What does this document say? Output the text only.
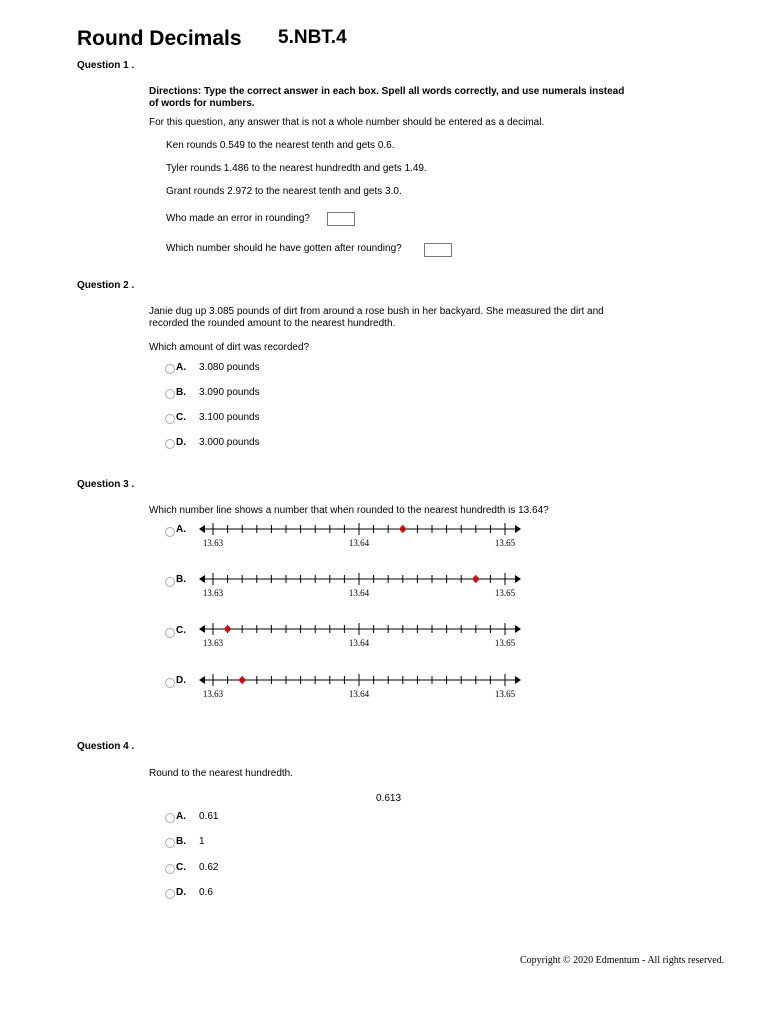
Round Decimals 5.NBT.4
Question 1 .
Directions: Type the correct answer in each box. Spell all words correctly, and use numerals instead of words for numbers.
For this question, any answer that is not a whole number should be entered as a decimal.
Ken rounds 0.549 to the nearest tenth and gets 0.6.
Tyler rounds 1.486 to the nearest hundredth and gets 1.49.
Grant rounds 2.972 to the nearest tenth and gets 3.0.
Who made an error in rounding?
Which number should he have gotten after rounding?
Question 2 .
Janie dug up 3.085 pounds of dirt from around a rose bush in her backyard. She measured the dirt and recorded the rounded amount to the nearest hundredth.
Which amount of dirt was recorded?
A. 3.080 pounds
B. 3.090 pounds
C. 3.100 pounds
D. 3.000 pounds
Question 3 .
Which number line shows a number that when rounded to the nearest hundredth is 13.64?
A.
13.63	13.64	13.65
B.
13.63	13.64	13.65
C.
13.63	13.64	13.65
D.
13.63	13.64	13.65
Question 4 .
Round to the nearest hundredth.
0.613
A. 0.61
B. 1
C. 0.62
D. 0.6
Copyright © 2020 Edmentum - All rights reserved.
